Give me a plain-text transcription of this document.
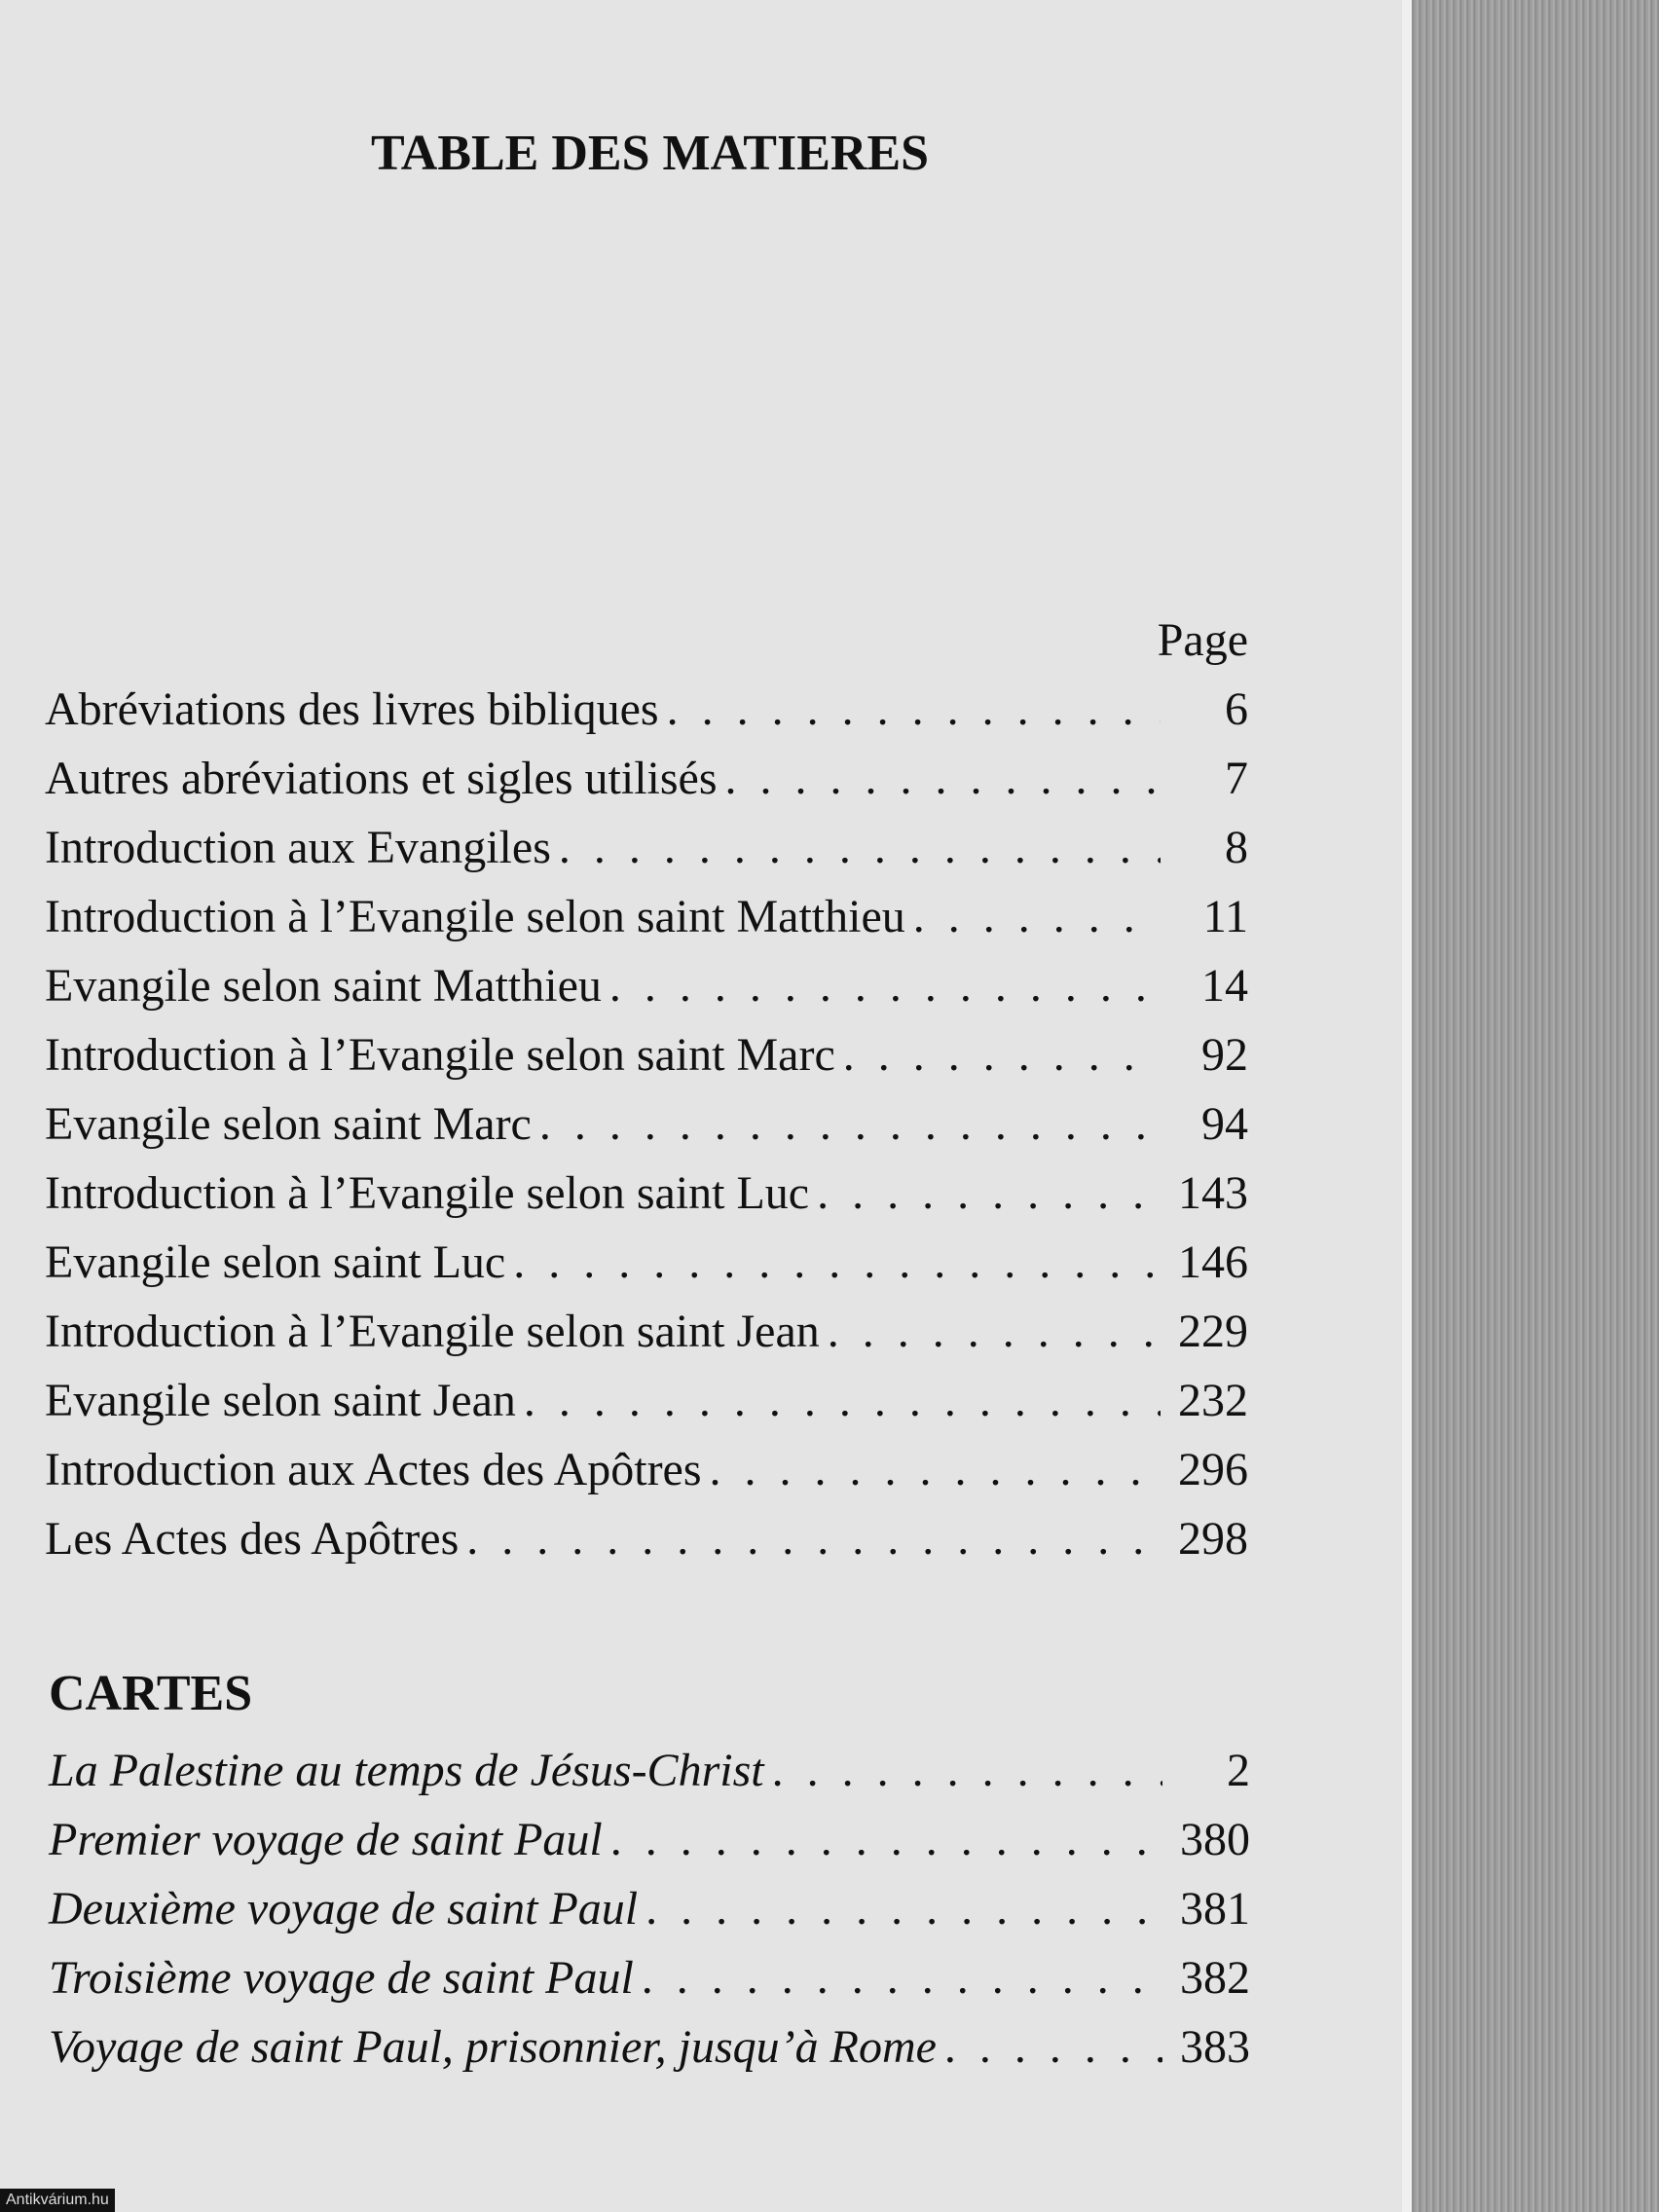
TABLE DES MATIERES
Page
Abréviations des livres bibliques . . .	6
Autres abréviations et sigles utilisés . . .	7
Introduction aux Evangiles . . .	8
Introduction à l’Evangile selon saint Matthieu . . .	11
Evangile selon saint Matthieu . . .	14
Introduction à l’Evangile selon saint Marc . . .	92
Evangile selon saint Marc . . .	94
Introduction à l’Evangile selon saint Luc . . .	143
Evangile selon saint Luc . . .	146
Introduction à l’Evangile selon saint Jean . . .	229
Evangile selon saint Jean . . .	232
Introduction aux Actes des Apôtres . . .	296
Les Actes des Apôtres . . .	298
CARTES
La Palestine au temps de Jésus-Christ . . .	2
Premier voyage de saint Paul . . .	380
Deuxième voyage de saint Paul . . .	381
Troisième voyage de saint Paul . . .	382
Voyage de saint Paul, prisonnier, jusqu’à Rome . . .	383
Antikvárium.hu
